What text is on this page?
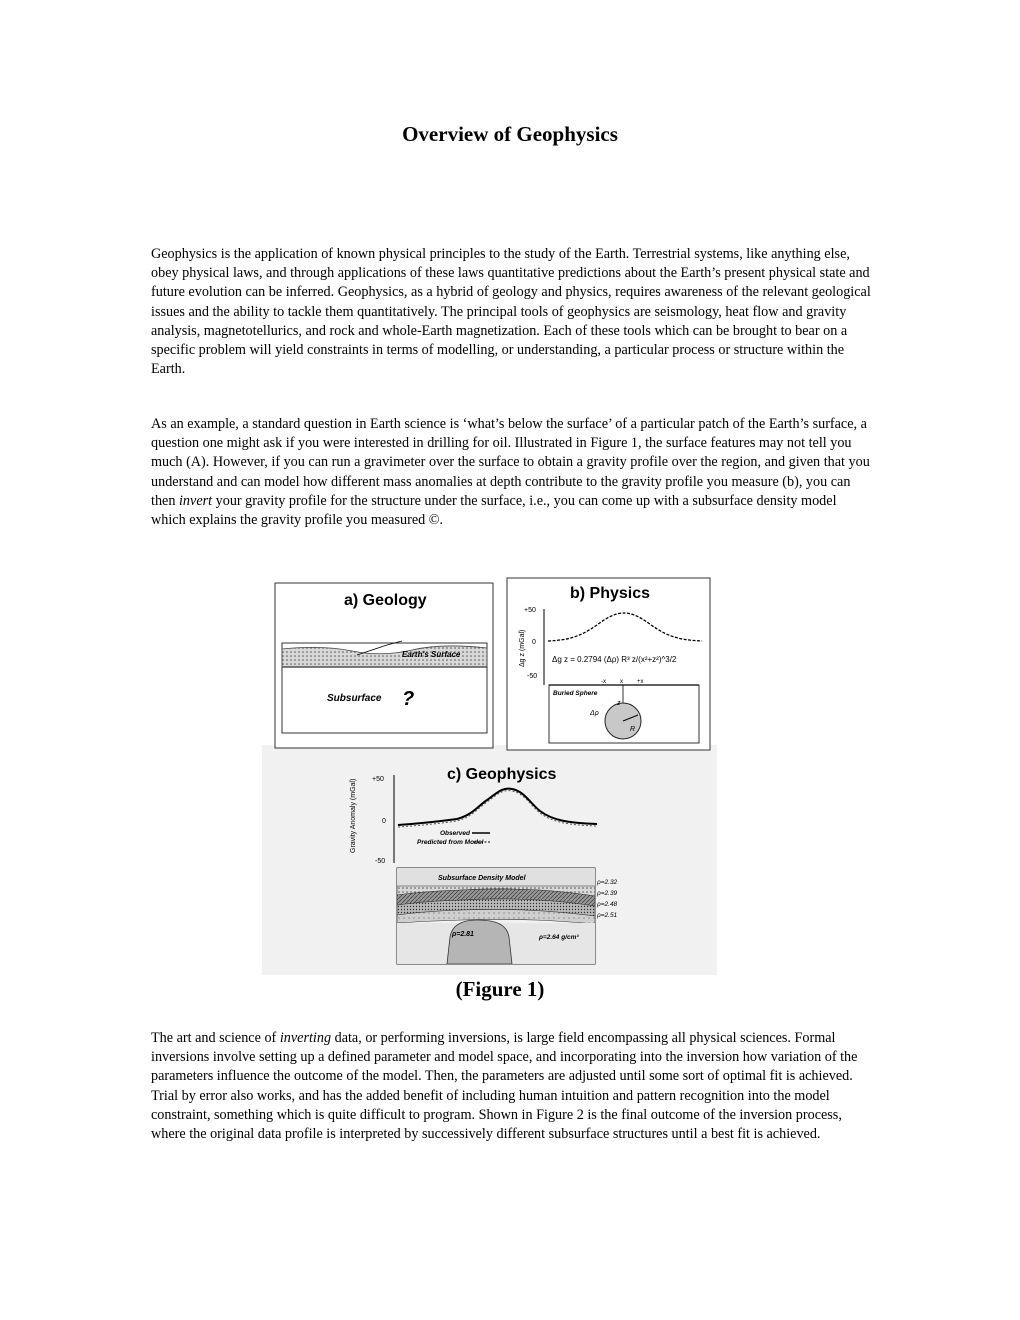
Overview of Geophysics

Geophysics is the application of known physical principles to the study of the Earth. Terrestrial systems, like anything else, obey physical laws, and through applications of these laws quantitative predictions about the Earth’s present physical state and future evolution can be inferred. Geophysics, as a hybrid of geology and physics, requires awareness of the relevant geological issues and the ability to tackle them quantitatively. The principal tools of geophysics are seismology, heat flow and gravity analysis, magnetotellurics, and rock and whole-Earth magnetization. Each of these tools which can be brought to bear on a specific problem will yield constraints in terms of modelling, or understanding, a particular process or structure within the Earth.

As an example, a standard question in Earth science is ‘what’s below the surface’ of a particular patch of the Earth’s surface, a question one might ask if you were interested in drilling for oil. Illustrated in Figure 1, the surface features may not tell you much (A). However, if you can run a gravimeter over the surface to obtain a gravity profile over the region, and given that you understand and can model how different mass anomalies at depth contribute to the gravity profile you measure (b), you can then invert your gravity profile for the structure under the surface, i.e., you can come up with a subsurface density model which explains the gravity profile you measured ©.

a) Geology
Earth's Surface
Subsurface ?
b) Physics
+50
0
-50
Δg z (mGal)	Δg z = 0.2794 (Δρ) R³ z/(x²+z²)^3/2
-x x +x
Buried Sphere
Δρ
z
R
c) Geophysics
+50
0
-50
Gravity Anomaly (mGal)	Observed
Predicted from Model
Subsurface Density Model
ρ=2.81	ρ=2.64 g/cm³
ρ=2.32
ρ=2.39
ρ=2.48
ρ=2.51
(Figure 1)

The art and science of inverting data, or performing inversions, is large field encompassing all physical sciences. Formal inversions involve setting up a defined parameter and model space, and incorporating into the inversion how variation of the parameters influence the outcome of the model. Then, the parameters are adjusted until some sort of optimal fit is achieved. Trial by error also works, and has the added benefit of including human intuition and pattern recognition into the model constraint, something which is quite difficult to program. Shown in Figure 2 is the final outcome of the inversion process, where the original data profile is interpreted by successively different subsurface structures until a best fit is achieved.
